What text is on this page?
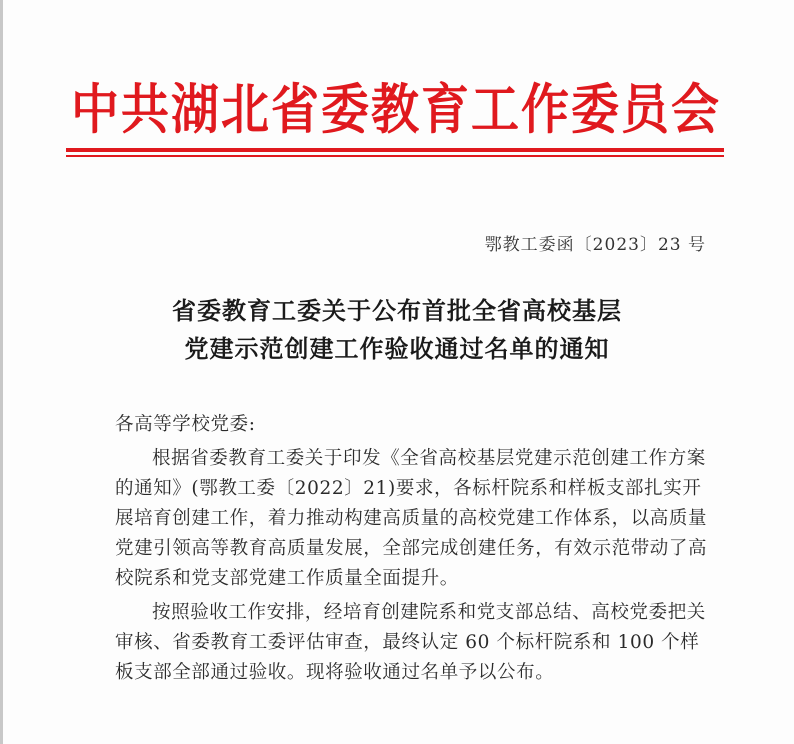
中共湖北省委教育工作委员会
鄂教工委函〔2023〕23 号
省委教育工委关于公布首批全省高校基层
党建示范创建工作验收通过名单的通知

各高等学校党委:

根据省委教育工委关于印发《全省高校基层党建示范创建工作方案的通知》(鄂教工委〔2022〕21)要求，各标杆院系和样板支部扎实开展培育创建工作，着力推动构建高质量的高校党建工作体系，以高质量党建引领高等教育高质量发展，全部完成创建任务，有效示范带动了高校院系和党支部党建工作质量全面提升。

按照验收工作安排，经培育创建院系和党支部总结、高校党委把关审核、省委教育工委评估审查，最终认定 60 个标杆院系和 100 个样板支部全部通过验收。现将验收通过名单予以公布。
